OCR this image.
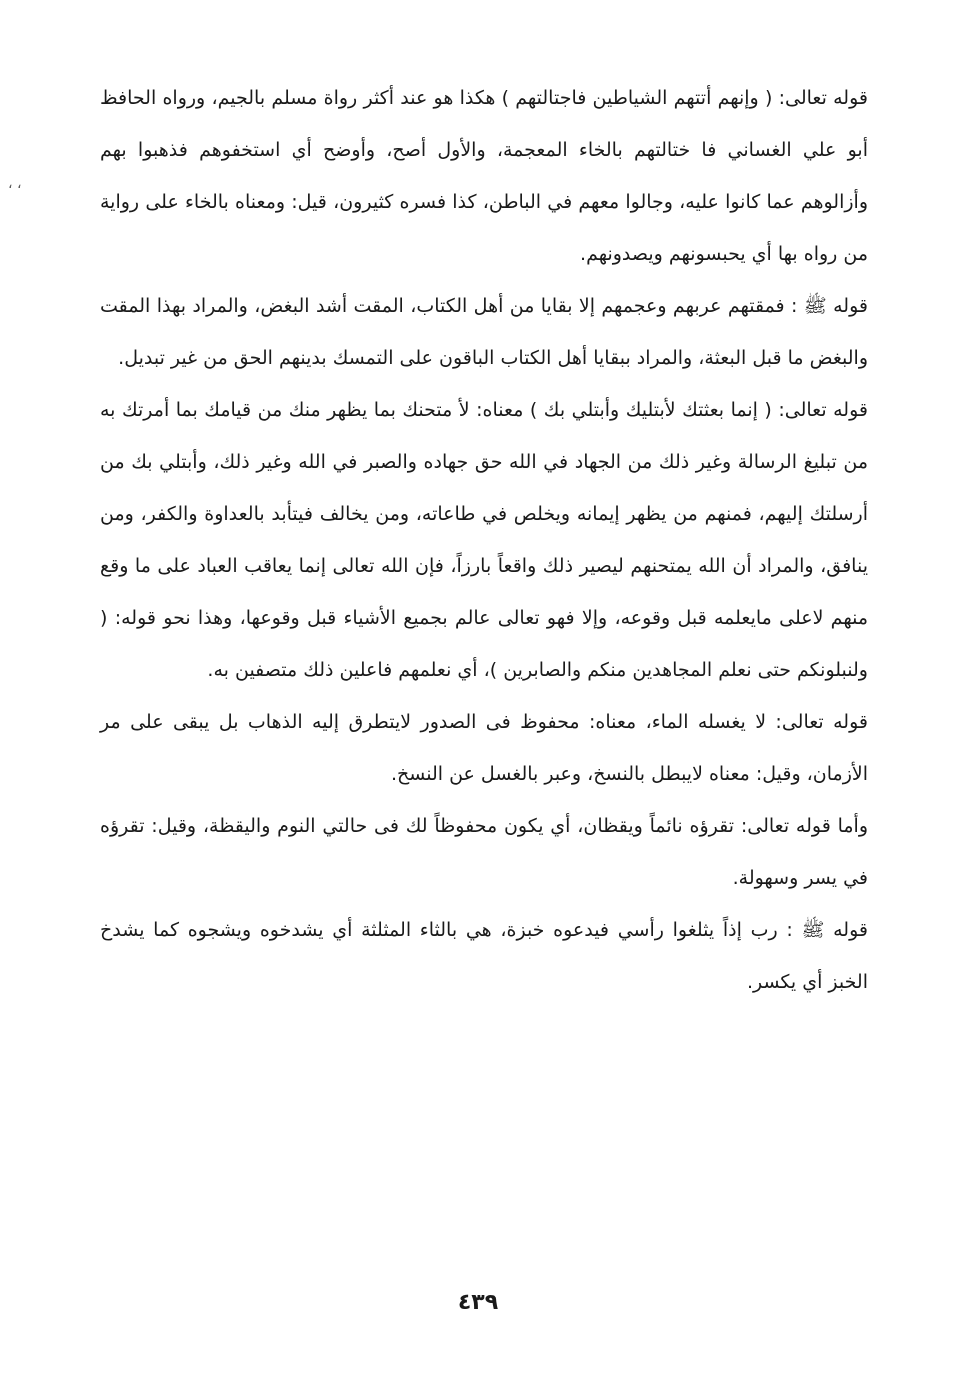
، ،

قوله تعالى: ( وإنهم أتتهم الشياطين فاجتالتهم ) هكذا هو عند أكثر رواة مسلم بالجيم، ورواه الحافظ أبو علي الغساني فا ختالتهم بالخاء المعجمة، والأول أصح، وأوضح أي استخفوهم فذهبوا بهم وأزالوهم عما كانوا عليه، وجالوا معهم في الباطن، كذا فسره كثيرون، قيل: ومعناه بالخاء على رواية من رواه بها أي يحبسونهم ويصدونهم.

قوله ﷺ : فمقتهم عربهم وعجمهم إلا بقايا من أهل الكتاب، المقت أشد البغض، والمراد بهذا المقت والبغض ما قبل البعثة، والمراد ببقايا أهل الكتاب الباقون على التمسك بدينهم الحق من غير تبديل.

قوله تعالى: ( إنما بعثتك لأبتليك وأبتلي بك ) معناه: لأ متحنك بما يظهر منك من قيامك بما أمرتك به من تبليغ الرسالة وغير ذلك من الجهاد في الله حق جهاده والصبر في الله وغير ذلك، وأبتلي بك من أرسلتك إليهم، فمنهم من يظهر إيمانه ويخلص في طاعاته، ومن يخالف فيتأبد بالعداوة والكفر، ومن ينافق، والمراد أن الله يمتحنهم ليصير ذلك واقعاً بارزاً، فإن الله تعالى إنما يعاقب العباد على ما وقع منهم لاعلى مايعلمه قبل وقوعه، وإلا فهو تعالى عالم بجميع الأشياء قبل وقوعها، وهذا نحو قوله: ( ولنبلونكم حتى نعلم المجاهدين منكم والصابرين )، أي نعلمهم فاعلين ذلك متصفين به.

قوله تعالى: لا يغسله الماء، معناه: محفوظ فى الصدور لايتطرق إليه الذهاب بل يبقى على مر الأزمان، وقيل: معناه لايبطل بالنسخ، وعبر بالغسل عن النسخ.

وأما قوله تعالى: تقرؤه نائماً ويقظان، أي يكون محفوظاً لك فى حالتي النوم واليقظة، وقيل: تقرؤه في يسر وسهولة.

قوله ﷺ : رب إذاً يثلغوا رأسي فيدعوه خبزة، هي بالثاء المثلثة أي يشدخوه ويشجوه كما يشدخ الخبز أي يكسر.

٤٣٩
